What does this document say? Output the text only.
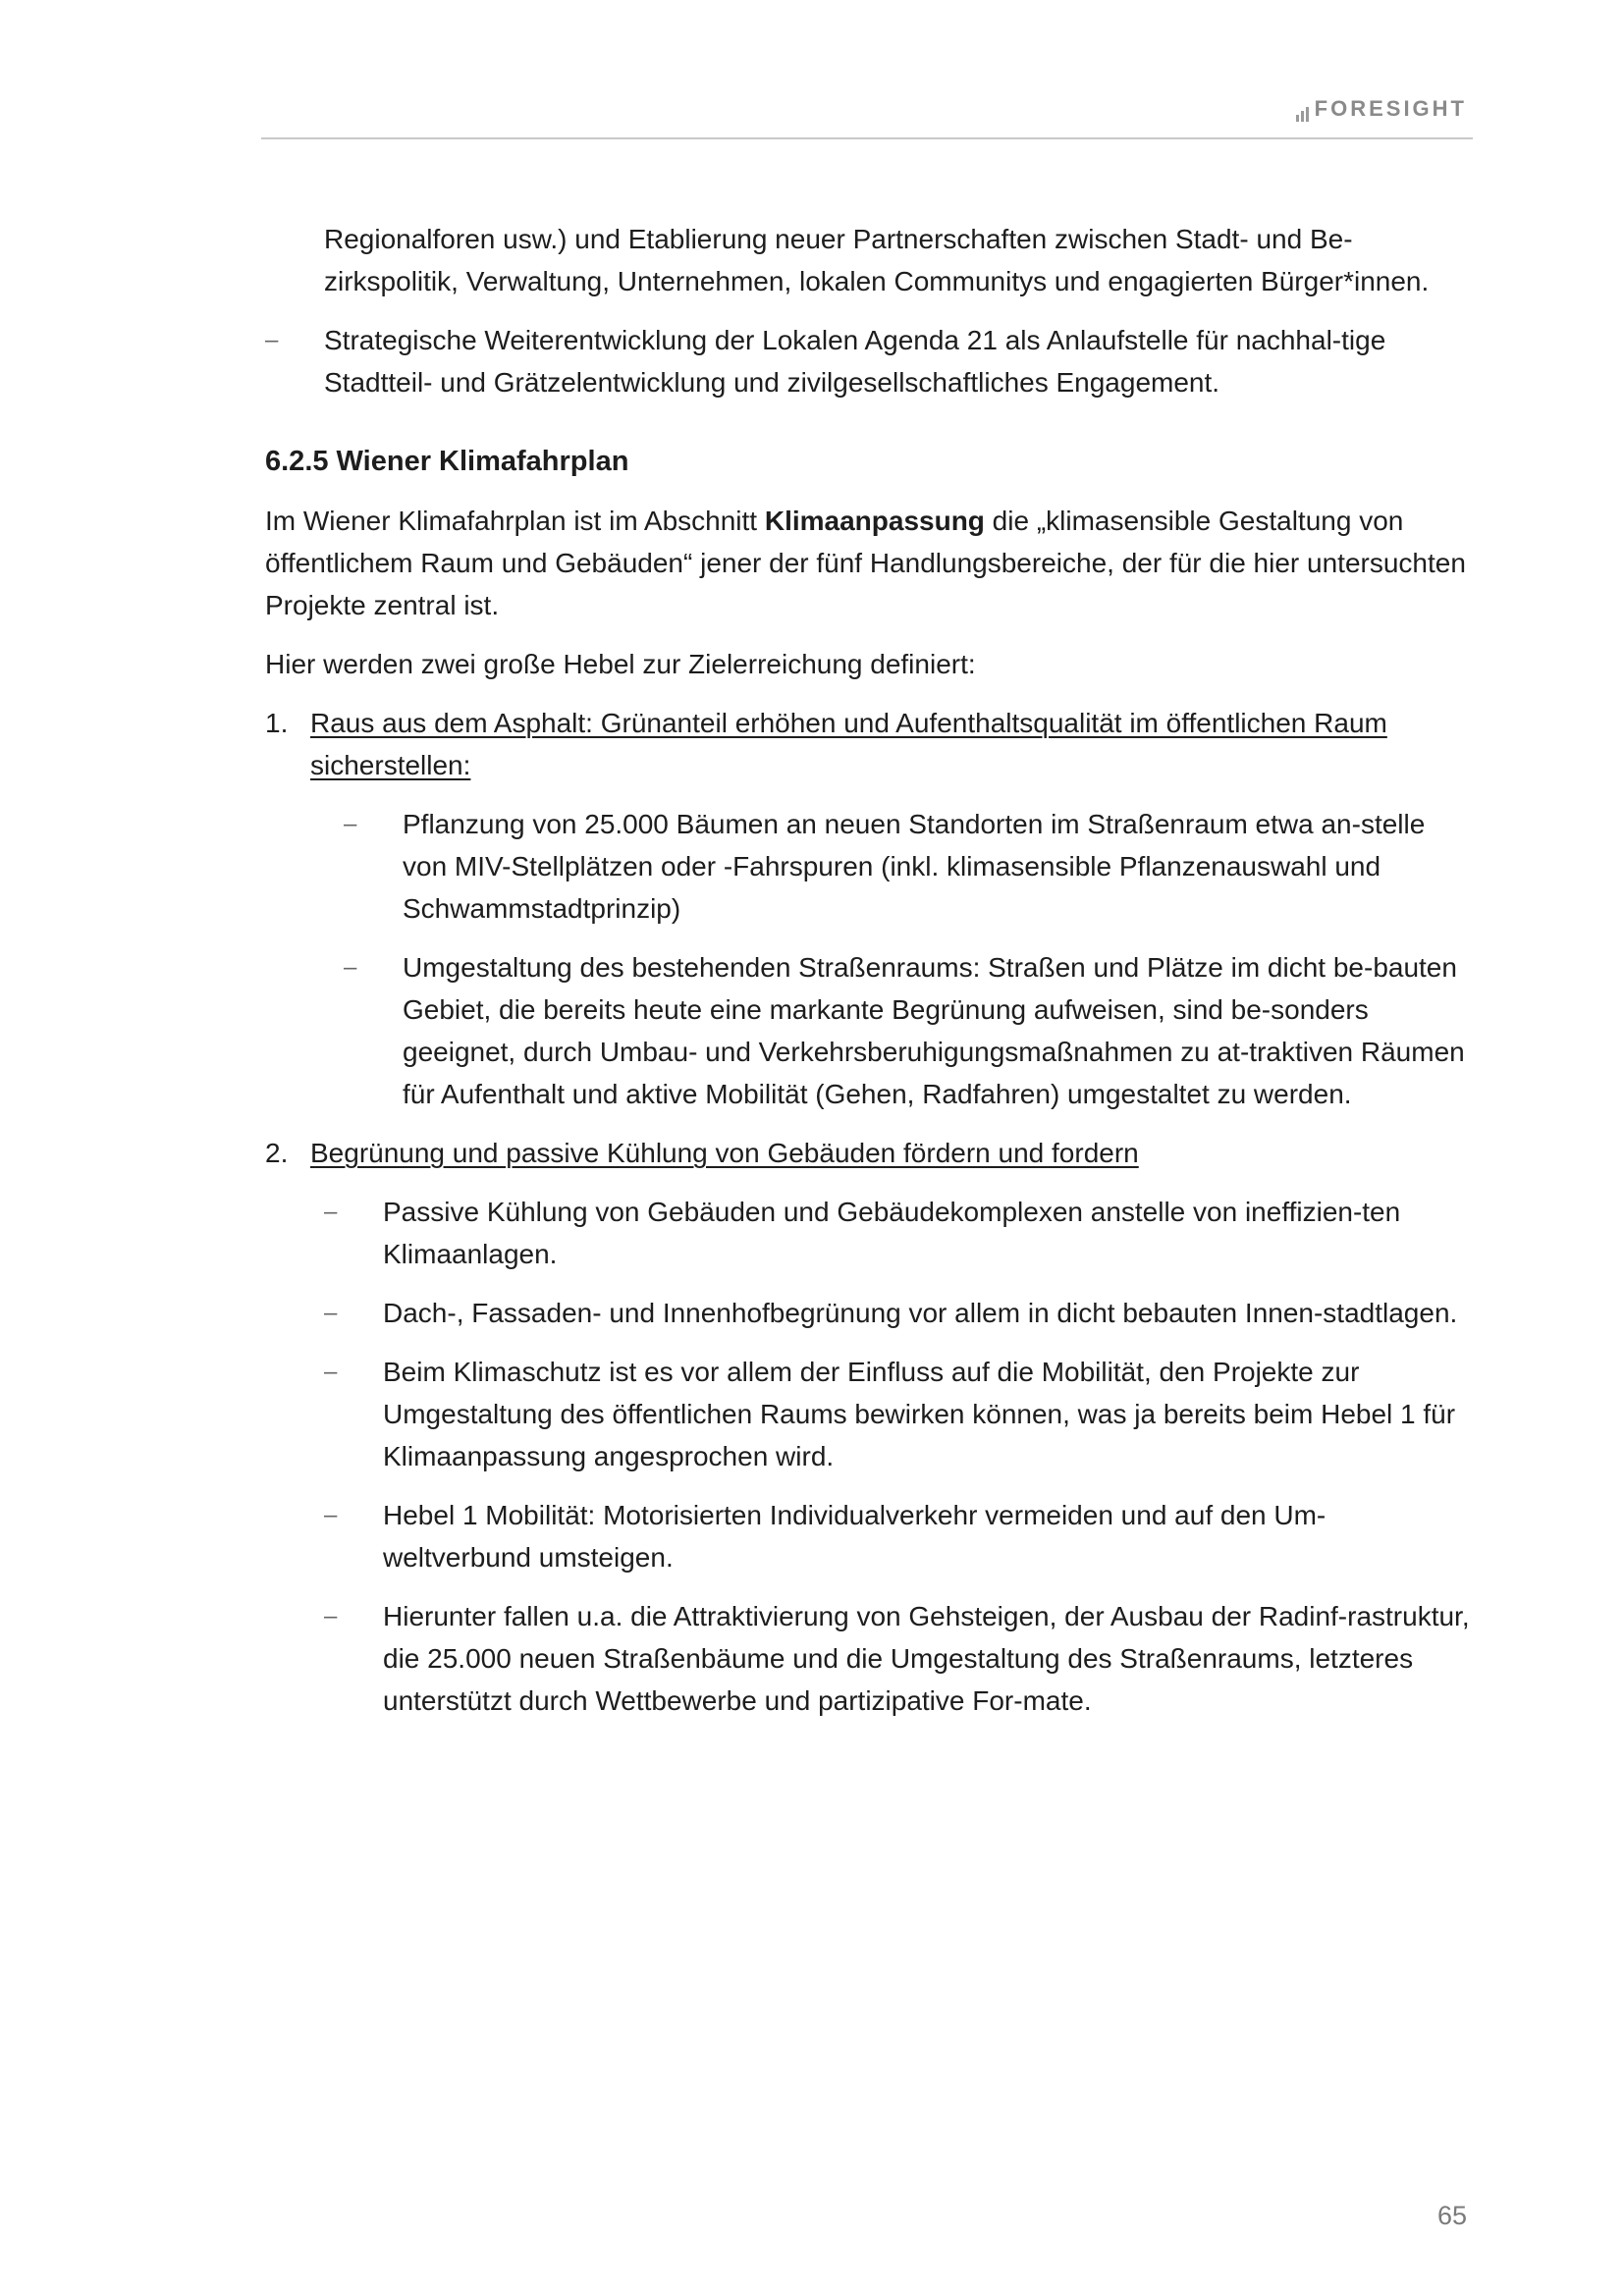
FORESIGHT

Regionalforen usw.) und Etablierung neuer Partnerschaften zwischen Stadt- und Be-zirkspolitik, Verwaltung, Unternehmen, lokalen Communitys und engagierten Bürger*innen.

– Strategische Weiterentwicklung der Lokalen Agenda 21 als Anlaufstelle für nachhal-tige Stadtteil- und Grätzelentwicklung und zivilgesellschaftliches Engagement.

6.2.5 Wiener Klimafahrplan

Im Wiener Klimafahrplan ist im Abschnitt Klimaanpassung die „klimasensible Gestaltung von öffentlichem Raum und Gebäuden“ jener der fünf Handlungsbereiche, der für die hier untersuchten Projekte zentral ist.

Hier werden zwei große Hebel zur Zielerreichung definiert:

1. Raus aus dem Asphalt: Grünanteil erhöhen und Aufenthaltsqualität im öffentlichen Raum sicherstellen:

– Pflanzung von 25.000 Bäumen an neuen Standorten im Straßenraum etwa an-stelle von MIV-Stellplätzen oder -Fahrspuren (inkl. klimasensible Pflanzenauswahl und Schwammstadtprinzip)

– Umgestaltung des bestehenden Straßenraums: Straßen und Plätze im dicht be-bauten Gebiet, die bereits heute eine markante Begrünung aufweisen, sind be-sonders geeignet, durch Umbau- und Verkehrsberuhigungsmaßnahmen zu at-traktiven Räumen für Aufenthalt und aktive Mobilität (Gehen, Radfahren) umgestaltet zu werden.

2. Begrünung und passive Kühlung von Gebäuden fördern und fordern

– Passive Kühlung von Gebäuden und Gebäudekomplexen anstelle von ineffizien-ten Klimaanlagen.

– Dach-, Fassaden- und Innenhofbegrünung vor allem in dicht bebauten Innen-stadtlagen.

– Beim Klimaschutz ist es vor allem der Einfluss auf die Mobilität, den Projekte zur Umgestaltung des öffentlichen Raums bewirken können, was ja bereits beim Hebel 1 für Klimaanpassung angesprochen wird.

– Hebel 1 Mobilität: Motorisierten Individualverkehr vermeiden und auf den Um-weltverbund umsteigen.

– Hierunter fallen u.a. die Attraktivierung von Gehsteigen, der Ausbau der Radinf-rastruktur, die 25.000 neuen Straßenbäume und die Umgestaltung des Straßenraums, letzteres unterstützt durch Wettbewerbe und partizipative For-mate.

65
